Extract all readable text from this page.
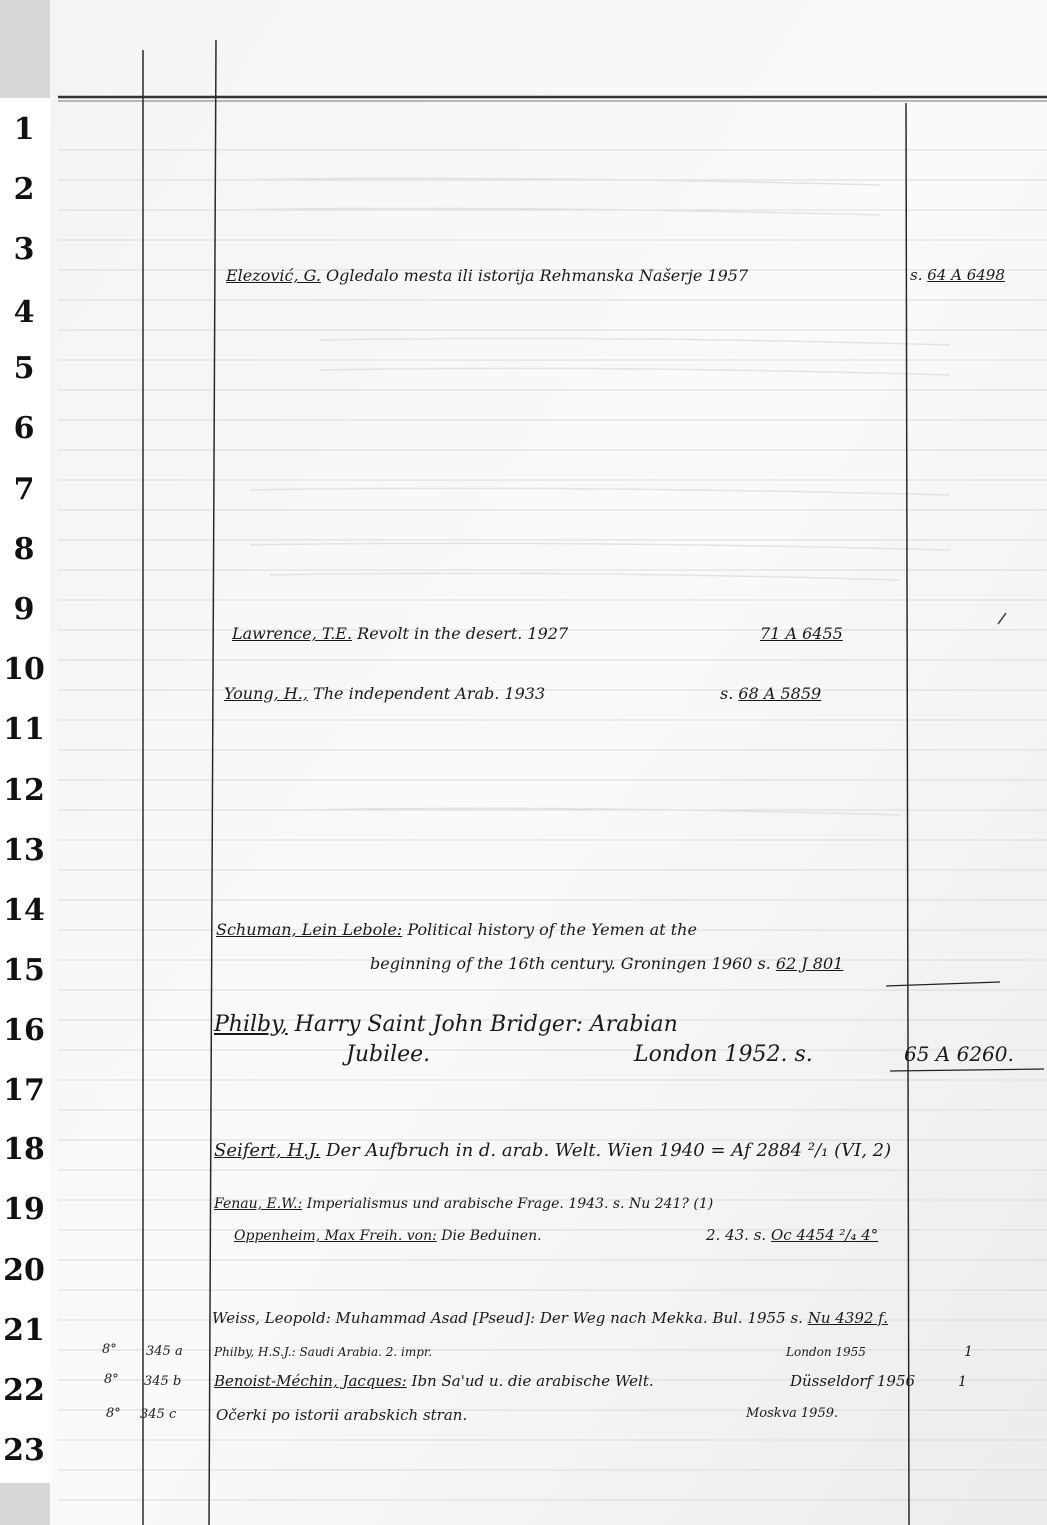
1
2
3
4
5
6
7
8
9
10
11
12
13
14
15
16
17
18
19
20
21
22
23
Elezović, G. Ogledalo mesta ili istorija Rehmanska Našerje 1957	s. 64 A 6498
Lawrence, T.E. Revolt in the desert. 1927	71 A 6455
Young, H., The independent Arab. 1933	s. 68 A 5859
Schuman, Lein Lebole: Political history of the Yemen at the
beginning of the 16th century. Groningen 1960 s. 62 J 801
Philby, Harry Saint John Bridger: Arabian
Jubilee.	London 1952. s.	65 A 6260.
Seifert, H.J. Der Aufbruch in d. arab. Welt. Wien 1940 = Af 2884 ²/₁ (VI, 2)
Fenau, E.W.: Imperialismus und arabische Frage. 1943. s. Nu 241? (1)
Oppenheim, Max Freih. von: Die Beduinen.	2. 43. s. Oc 4454 ²/₄ 4°
Weiss, Leopold: Muhammad Asad [Pseud]: Der Weg nach Mekka. Bul. 1955 s. Nu 4392 f.
8° 345 a	Philby, H.S.J.: Saudi Arabia. 2. impr.	London 1955	1
8° 345 b Benoist-Méchin, Jacques: Ibn Sa'ud u. die arabische Welt.	Düsseldorf 1956	1
8° 345 c	Očerki po istorii arabskich stran.	Moskva 1959.
